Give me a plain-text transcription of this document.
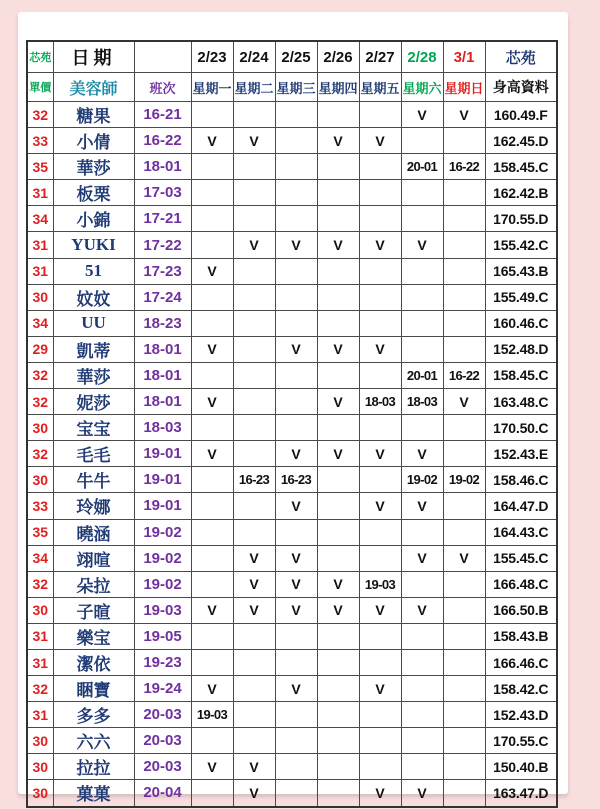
芯苑	日期		2/23	2/24	2/25	2/26	2/27	2/28	3/1	芯苑
單價	美容師	班次	星期一	星期二	星期三	星期四	星期五	星期六	星期日	身高資料
32	糖果	16-21						V	V	160.49.F
33	小倩	16-22	V	V		V	V			162.45.D
35	華莎	18-01						20-01	16-22	158.45.C
31	板栗	17-03								162.42.B
34	小錦	17-21								170.55.D
31	YUKI	17-22		V	V	V	V	V		155.42.C
31	51	17-23	V							165.43.B
30	妏妏	17-24								155.49.C
34	UU	18-23								160.46.C
29	凱蒂	18-01	V		V	V	V			152.48.D
32	華莎	18-01						20-01	16-22	158.45.C
32	妮莎	18-01	V			V	18-03	18-03	V	163.48.C
30	宝宝	18-03								170.50.C
32	毛毛	19-01	V		V	V	V	V		152.43.E
30	牛牛	19-01		16-23	16-23			19-02	19-02	158.46.C
33	玲娜	19-01			V		V	V		164.47.D
35	曉涵	19-02								164.43.C
34	翊喧	19-02		V	V			V	V	155.45.C
32	朵拉	19-02		V	V	V	19-03			166.48.C
30	子暄	19-03	V	V	V	V	V	V		166.50.B
31	樂宝	19-05								158.43.B
31	潔依	19-23								166.46.C
32	睏寶	19-24	V		V		V			158.42.C
31	多多	20-03	19-03							152.43.D
30	六六	20-03								170.55.C
30	拉拉	20-03	V	V						150.40.B
30	菓菓	20-04		V			V	V		163.47.D
